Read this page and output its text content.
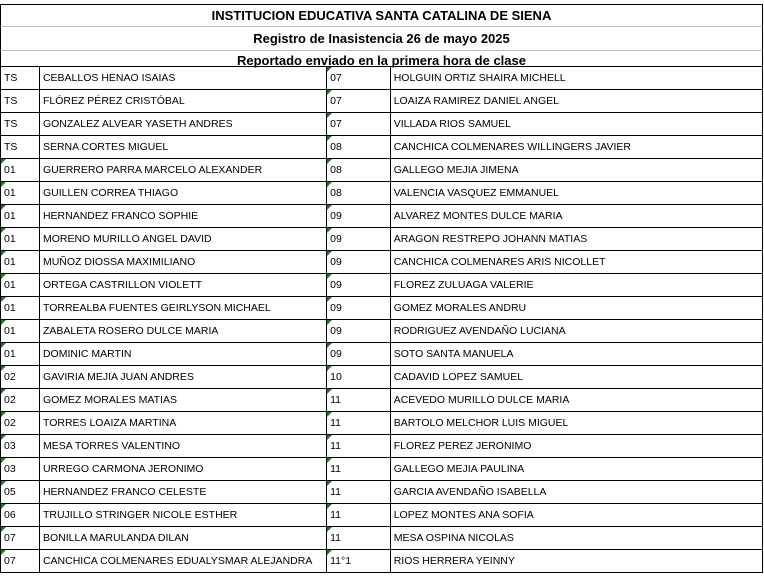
INSTITUCION EDUCATIVA SANTA CATALINA DE SIENA
Registro de Inasistencia 26 de mayo 2025
Reportado enviado en la primera hora de clase
TS	CEBALLOS HENAO ISAIAS	07	HOLGUIN ORTIZ SHAIRA MICHELL
TS	FLÓREZ PÉREZ CRISTÓBAL	07	LOAIZA RAMIREZ DANIEL ANGEL
TS	GONZALEZ ALVEAR YASETH ANDRES	07	VILLADA RIOS SAMUEL
TS	SERNA CORTES MIGUEL	08	CANCHICA COLMENARES WILLINGERS JAVIER
01	GUERRERO PARRA MARCELO ALEXANDER	08	GALLEGO MEJIA JIMENA
01	GUILLEN CORREA THIAGO	08	VALENCIA VASQUEZ EMMANUEL
01	HERNANDEZ FRANCO SOPHIE	09	ALVAREZ MONTES DULCE MARIA
01	MORENO MURILLO ANGEL DAVID	09	ARAGON RESTREPO JOHANN MATIAS
01	MUÑOZ DIOSSA MAXIMILIANO	09	CANCHICA COLMENARES ARIS NICOLLET
01	ORTEGA CASTRILLON VIOLETT	09	FLOREZ ZULUAGA VALERIE
01	TORREALBA FUENTES GEIRLYSON MICHAEL	09	GOMEZ MORALES ANDRU
01	ZABALETA ROSERO DULCE MARIA	09	RODRIGUEZ AVENDAÑO LUCIANA
01	DOMINIC MARTIN	09	SOTO SANTA MANUELA
02	GAVIRIA MEJIA JUAN ANDRES	10	CADAVID LOPEZ SAMUEL
02	GOMEZ MORALES MATIAS	11	ACEVEDO MURILLO DULCE MARIA
02	TORRES LOAIZA MARTINA	11	BARTOLO MELCHOR LUIS MIGUEL
03	MESA TORRES VALENTINO	11	FLOREZ PEREZ JERONIMO
03	URREGO CARMONA JERONIMO	11	GALLEGO MEJIA PAULINA
05	HERNANDEZ FRANCO CELESTE	11	GARCIA AVENDAÑO ISABELLA
06	TRUJILLO STRINGER NICOLE ESTHER	11	LOPEZ MONTES ANA SOFIA
07	BONILLA MARULANDA DILAN	11	MESA OSPINA NICOLAS
07	CANCHICA COLMENARES EDUALYSMAR ALEJANDRA	11°1	RIOS HERRERA YEINNY
